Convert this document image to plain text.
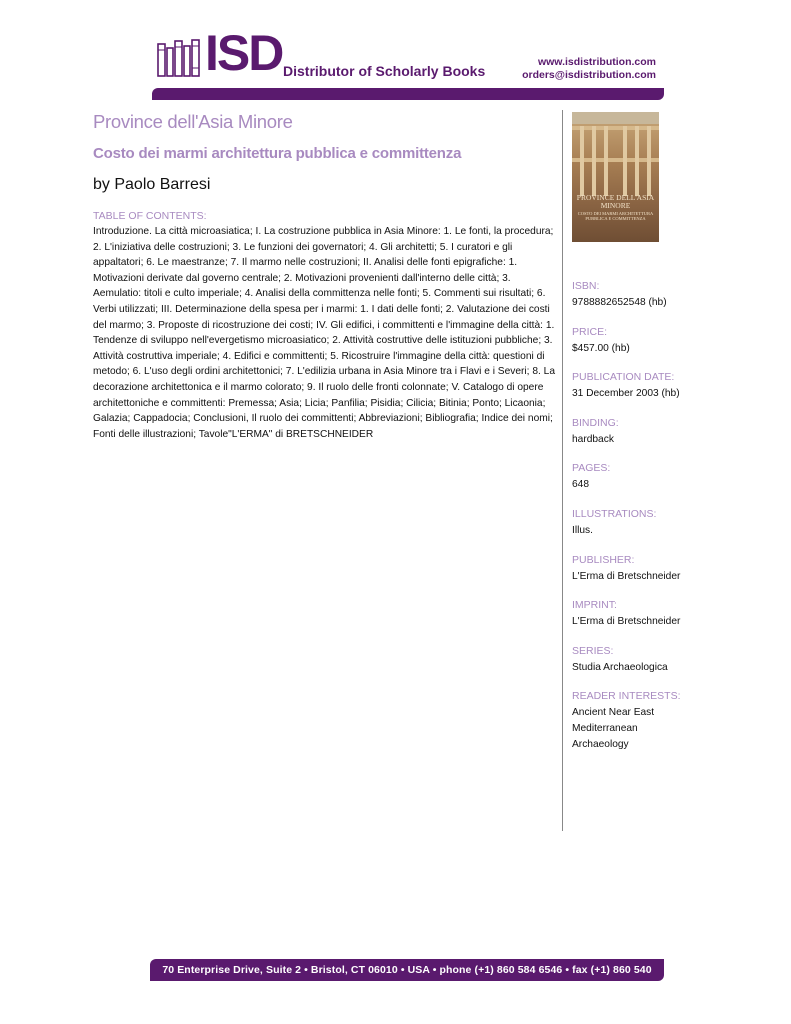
ISD Distributor of Scholarly Books
www.isdistribution.com
orders@isdistribution.com
Province dell'Asia Minore
Costo dei marmi architettura pubblica e committenza
by Paolo Barresi
TABLE OF CONTENTS:
Introduzione. La città microasiatica; I. La costruzione pubblica in Asia Minore: 1. Le fonti, la procedura; 2. L'iniziativa delle costruzioni; 3. Le funzioni dei governatori; 4. Gli architetti; 5. I curatori e gli appaltatori; 6. Le maestranze; 7. Il marmo nelle costruzioni; II. Analisi delle fonti epigrafiche: 1. Motivazioni derivate dal governo centrale; 2. Motivazioni provenienti dall'interno delle città; 3. Aemulatio: titoli e culto imperiale; 4. Analisi della committenza nelle fonti; 5. Commenti sui risultati; 6. Verbi utilizzati; III. Determinazione della spesa per i marmi: 1. I dati delle fonti; 2. Valutazione dei costi del marmo; 3. Proposte di ricostruzione dei costi; IV. Gli edifici, i committenti e l'immagine della città: 1. Tendenze di sviluppo nell'evergetismo microasiatico; 2. Attività costruttive delle istituzioni pubbliche; 3. Attività costruttiva imperiale; 4. Edifici e committenti; 5. Ricostruire l'immagine della città: questioni di metodo; 6. L'uso degli ordini architettonici; 7. L'edilizia urbana in Asia Minore tra i Flavi e i Severi; 8. La decorazione architettonica e il marmo colorato; 9. Il ruolo delle fronti colonnate; V. Catalogo di opere architettoniche e committenti: Premessa; Asia; Licia; Panfilia; Pisidia; Cilicia; Bitinia; Ponto; Licaonia; Galazia; Cappadocia; Conclusioni, Il ruolo dei committenti; Abbreviazioni; Bibliografia; Indice dei nomi; Fonti delle illustrazioni; Tavole"L'ERMA" di BRETSCHNEIDER
PROVINCE DELL'ASIA MINORE
COSTO DEI MARMI ARCHITETTURA PUBBLICA E COMMITTENZA
ISBN:
9788882652548 (hb)
PRICE:
$457.00 (hb)
PUBLICATION DATE:
31 December 2003 (hb)
BINDING:
hardback
PAGES:
648
ILLUSTRATIONS:
Illus.
PUBLISHER:
L'Erma di Bretschneider
IMPRINT:
L'Erma di Bretschneider
SERIES:
Studia Archaeologica
READER INTERESTS:
Ancient Near East
Mediterranean
Archaeology
70 Enterprise Drive, Suite 2 • Bristol, CT 06010 • USA • phone (+1) 860 584 6546 • fax (+1) 860 540 1001
